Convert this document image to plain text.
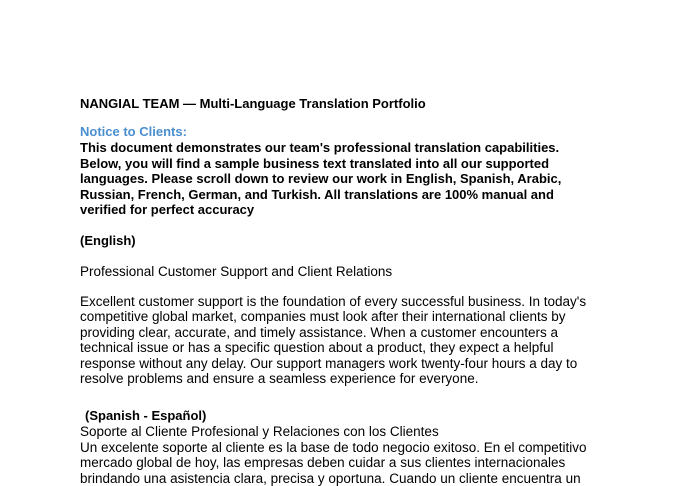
NANGIAL TEAM — Multi-Language Translation Portfolio

Notice to Clients:

This document demonstrates our team's professional translation capabilities. Below, you will find a sample business text translated into all our supported languages. Please scroll down to review our work in English, Spanish, Arabic, Russian, French, German, and Turkish. All translations are 100% manual and verified for perfect accuracy

(English)

Professional Customer Support and Client Relations

Excellent customer support is the foundation of every successful business. In today's competitive global market, companies must look after their international clients by providing clear, accurate, and timely assistance. When a customer encounters a technical issue or has a specific question about a product, they expect a helpful response without any delay. Our support managers work twenty-four hours a day to resolve problems and ensure a seamless experience for everyone.

(Spanish - Español)

Soporte al Cliente Profesional y Relaciones con los Clientes

Un excelente soporte al cliente es la base de todo negocio exitoso. En el competitivo mercado global de hoy, las empresas deben cuidar a sus clientes internacionales brindando una asistencia clara, precisa y oportuna. Cuando un cliente encuentra un
